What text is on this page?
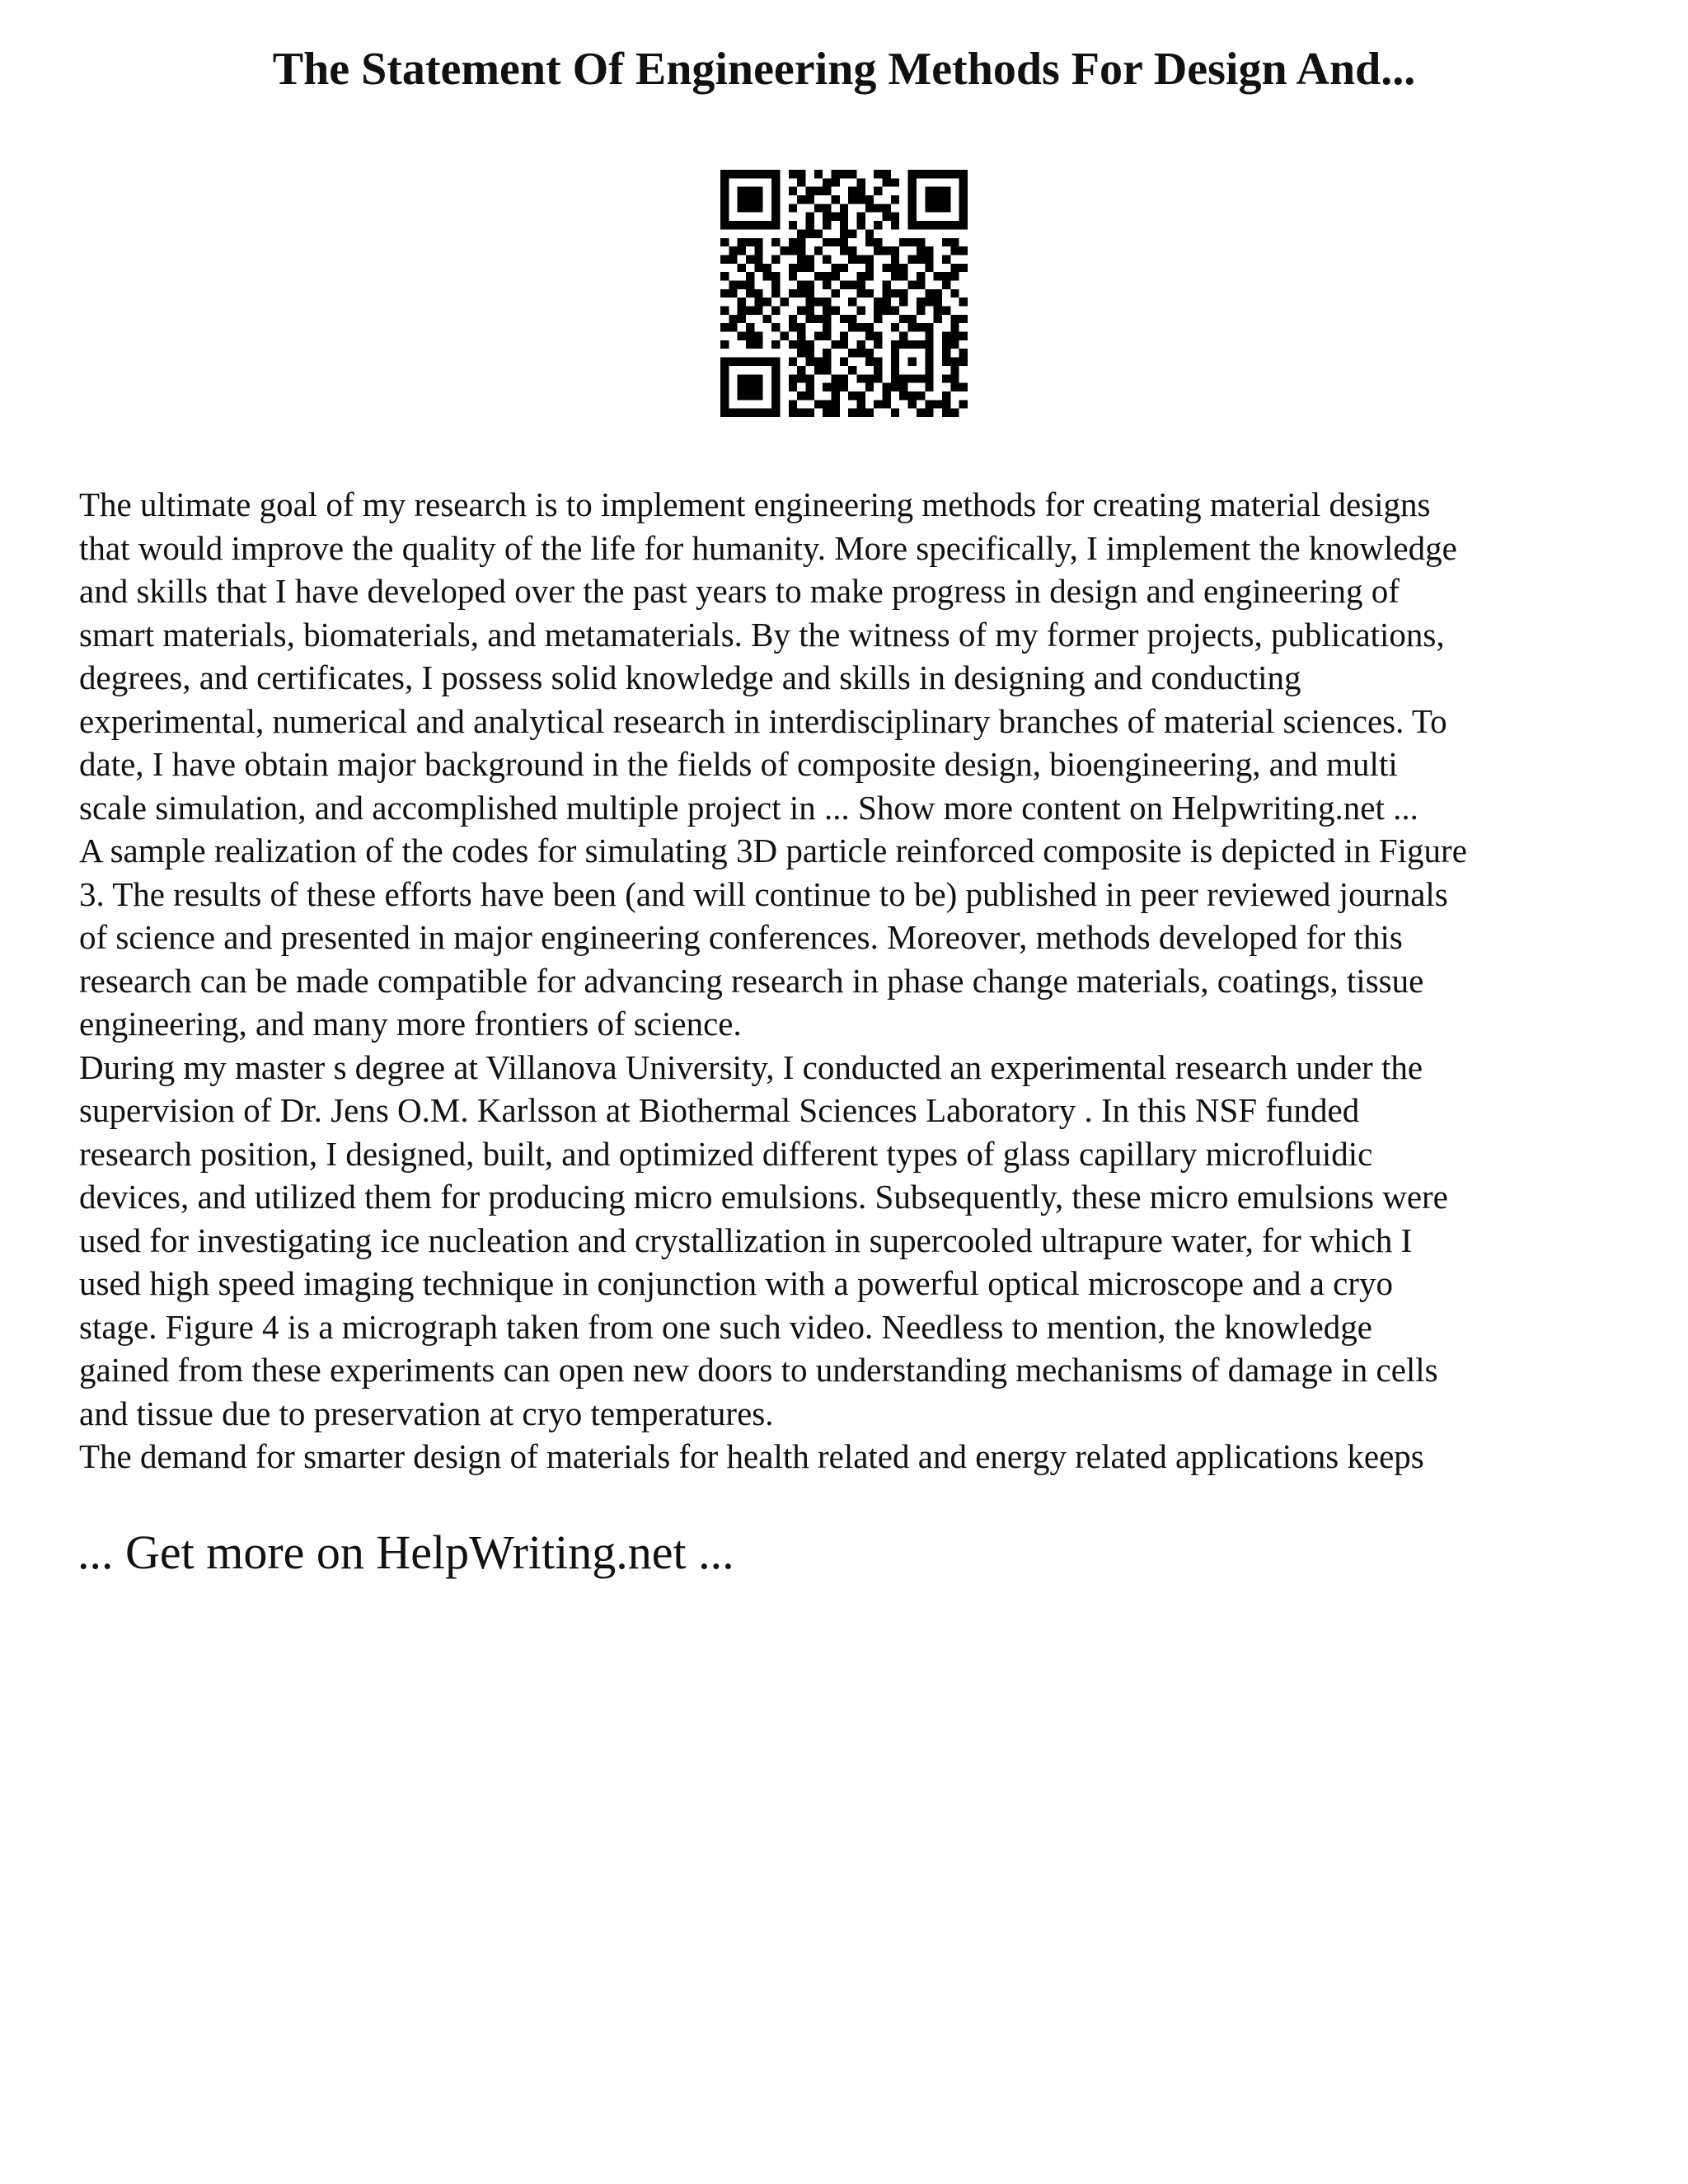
The Statement Of Engineering Methods For Design And...
The ultimate goal of my research is to implement engineering methods for creating material designs
that would improve the quality of the life for humanity. More specifically, I implement the knowledge
and skills that I have developed over the past years to make progress in design and engineering of
smart materials, biomaterials, and metamaterials. By the witness of my former projects, publications,
degrees, and certificates, I possess solid knowledge and skills in designing and conducting
experimental, numerical and analytical research in interdisciplinary branches of material sciences. To
date, I have obtain major background in the fields of composite design, bioengineering, and multi
scale simulation, and accomplished multiple project in ... Show more content on Helpwriting.net ...
A sample realization of the codes for simulating 3D particle reinforced composite is depicted in Figure
3. The results of these efforts have been (and will continue to be) published in peer reviewed journals
of science and presented in major engineering conferences. Moreover, methods developed for this
research can be made compatible for advancing research in phase change materials, coatings, tissue
engineering, and many more frontiers of science.
During my master s degree at Villanova University, I conducted an experimental research under the
supervision of Dr. Jens O.M. Karlsson at Biothermal Sciences Laboratory . In this NSF funded
research position, I designed, built, and optimized different types of glass capillary microfluidic
devices, and utilized them for producing micro emulsions. Subsequently, these micro emulsions were
used for investigating ice nucleation and crystallization in supercooled ultrapure water, for which I
used high speed imaging technique in conjunction with a powerful optical microscope and a cryo
stage. Figure 4 is a micrograph taken from one such video. Needless to mention, the knowledge
gained from these experiments can open new doors to understanding mechanisms of damage in cells
and tissue due to preservation at cryo temperatures.
The demand for smarter design of materials for health related and energy related applications keeps
... Get more on HelpWriting.net ...
